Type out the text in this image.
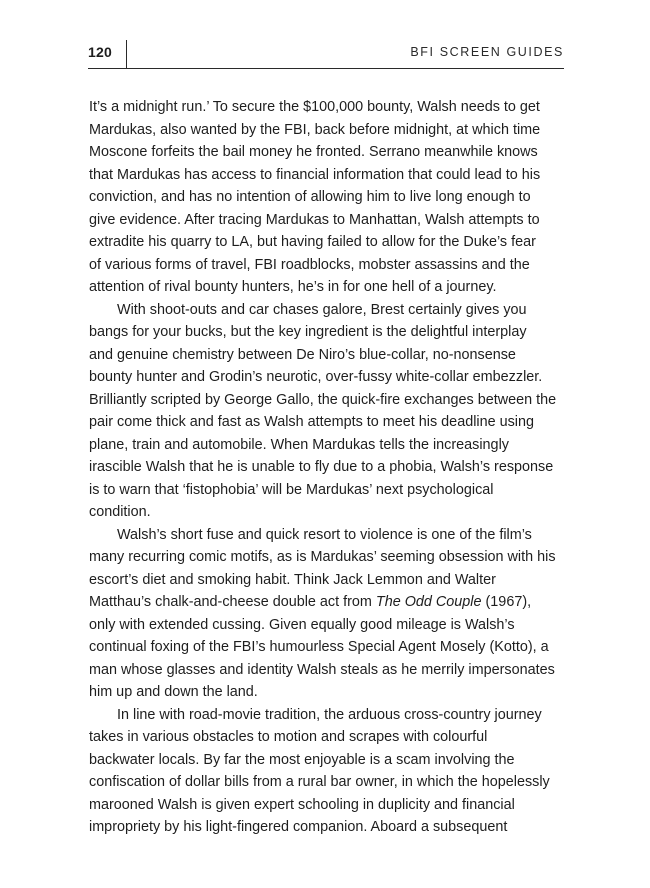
120	BFI SCREEN GUIDES
It’s a midnight run.’ To secure the $100,000 bounty, Walsh needs to get
Mardukas, also wanted by the FBI, back before midnight, at which time
Moscone forfeits the bail money he fronted. Serrano meanwhile knows
that Mardukas has access to financial information that could lead to his
conviction, and has no intention of allowing him to live long enough to
give evidence. After tracing Mardukas to Manhattan, Walsh attempts to
extradite his quarry to LA, but having failed to allow for the Duke’s fear
of various forms of travel, FBI roadblocks, mobster assassins and the
attention of rival bounty hunters, he’s in for one hell of a journey.
With shoot-outs and car chases galore, Brest certainly gives you
bangs for your bucks, but the key ingredient is the delightful interplay
and genuine chemistry between De Niro’s blue-collar, no-nonsense
bounty hunter and Grodin’s neurotic, over-fussy white-collar embezzler.
Brilliantly scripted by George Gallo, the quick-fire exchanges between the
pair come thick and fast as Walsh attempts to meet his deadline using
plane, train and automobile. When Mardukas tells the increasingly
irascible Walsh that he is unable to fly due to a phobia, Walsh’s response
is to warn that ‘fistophobia’ will be Mardukas’ next psychological
condition.
Walsh’s short fuse and quick resort to violence is one of the film’s
many recurring comic motifs, as is Mardukas’ seeming obsession with his
escort’s diet and smoking habit. Think Jack Lemmon and Walter
Matthau’s chalk-and-cheese double act from The Odd Couple (1967),
only with extended cussing. Given equally good mileage is Walsh’s
continual foxing of the FBI’s humourless Special Agent Mosely (Kotto), a
man whose glasses and identity Walsh steals as he merrily impersonates
him up and down the land.
In line with road-movie tradition, the arduous cross-country journey
takes in various obstacles to motion and scrapes with colourful
backwater locals. By far the most enjoyable is a scam involving the
confiscation of dollar bills from a rural bar owner, in which the hopelessly
marooned Walsh is given expert schooling in duplicity and financial
impropriety by his light-fingered companion. Aboard a subsequent
